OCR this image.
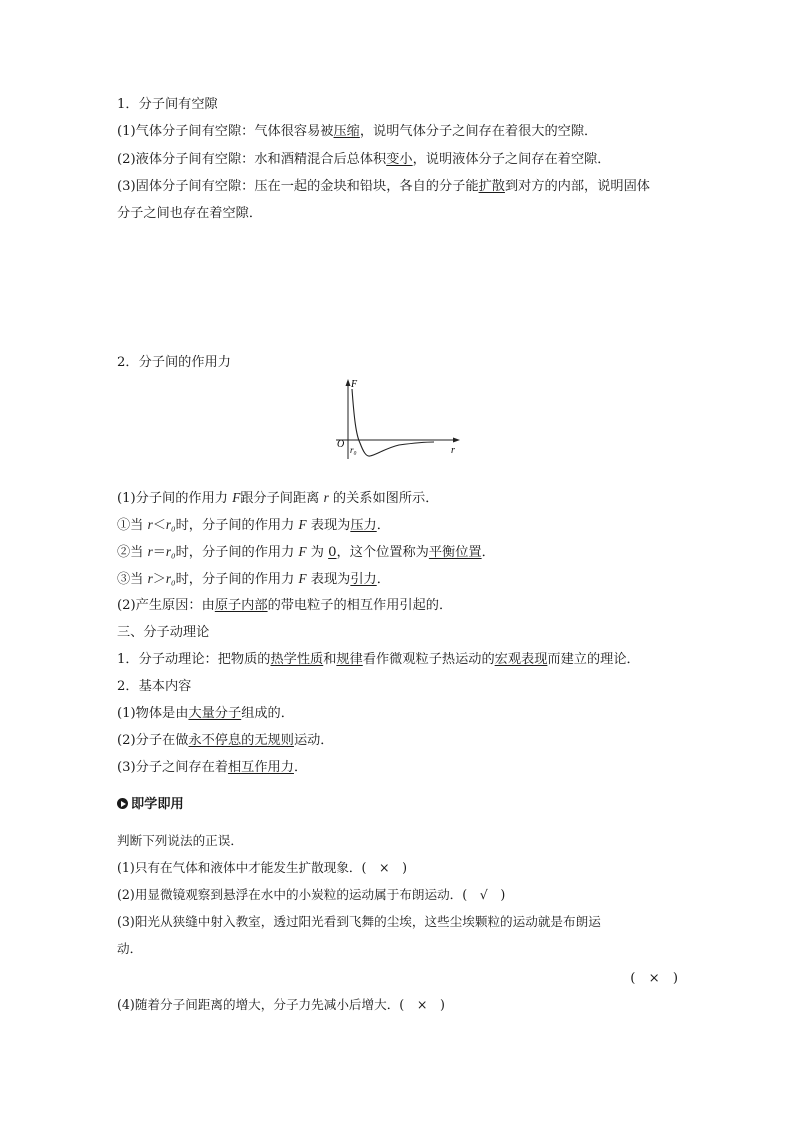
1．分子间有空隙

(1)气体分子间有空隙：气体很容易被压缩，说明气体分子之间存在着很大的空隙．

(2)液体分子间有空隙：水和酒精混合后总体积变小，说明液体分子之间存在着空隙．

(3)固体分子间有空隙：压在一起的金块和铅块，各自的分子能扩散到对方的内部，说明固体

分子之间也存在着空隙．

2．分子间的作用力

F
r
O r₀

(1)分子间的作用力 F跟分子间距离 r 的关系如图所示．

①当 r＜r₀时，分子间的作用力 F 表现为压力．

②当 r＝r₀时，分子间的作用力 F 为 0，这个位置称为平衡位置．

③当 r＞r₀时，分子间的作用力 F 表现为引力．

(2)产生原因：由原子内部的带电粒子的相互作用引起的．

三、分子动理论

1．分子动理论：把物质的热学性质和规律看作微观粒子热运动的宏观表现而建立的理论．

2．基本内容

(1)物体是由大量分子组成的．

(2)分子在做永不停息的无规则运动．

(3)分子之间存在着相互作用力．

即学即用

判断下列说法的正误．

(1)只有在气体和液体中才能发生扩散现象．(　×　)

(2)用显微镜观察到悬浮在水中的小炭粒的运动属于布朗运动．(　√　)

(3)阳光从狭缝中射入教室，透过阳光看到飞舞的尘埃，这些尘埃颗粒的运动就是布朗运

动．

(　×　)

(4)随着分子间距离的增大，分子力先减小后增大．(　×　)
